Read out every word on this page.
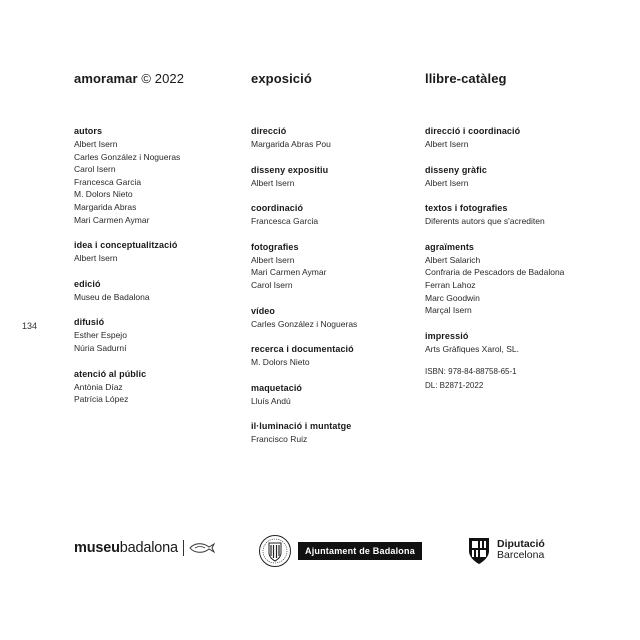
134
amoramar © 2022
autors
Albert Isern
Carles González i Nogueras
Carol Isern
Francesca Garcia
M. Dolors Nieto
Margarida Abras
Mari Carmen Aymar
idea i conceptualització
Albert Isern
edició
Museu de Badalona
difusió
Esther Espejo
Núria Sadurní
atenció al públic
Antònia Díaz
Patrícia López
exposició
direcció
Margarida Abras Pou
disseny expositiu
Albert Isern
coordinació
Francesca Garcia
fotografies
Albert Isern
Mari Carmen Aymar
Carol Isern
vídeo
Carles González i Nogueras
recerca i documentació
M. Dolors Nieto
maquetació
Lluís Andú
il·luminació i muntatge
Francisco Ruiz
llibre-catàleg
direcció i coordinació
Albert Isern
disseny gràfic
Albert Isern
textos i fotografies
Diferents autors que s'acrediten
agraïments
Albert Salarich
Confraria de Pescadors de Badalona
Ferran Lahoz
Marc Goodwin
Marçal Isern
impressió
Arts Gràfiques Xarol, SL.
ISBN: 978-84-88758-65-1
DL: B2871-2022
museubadalona	Ajuntament de Badalona
Diputació
Barcelona
